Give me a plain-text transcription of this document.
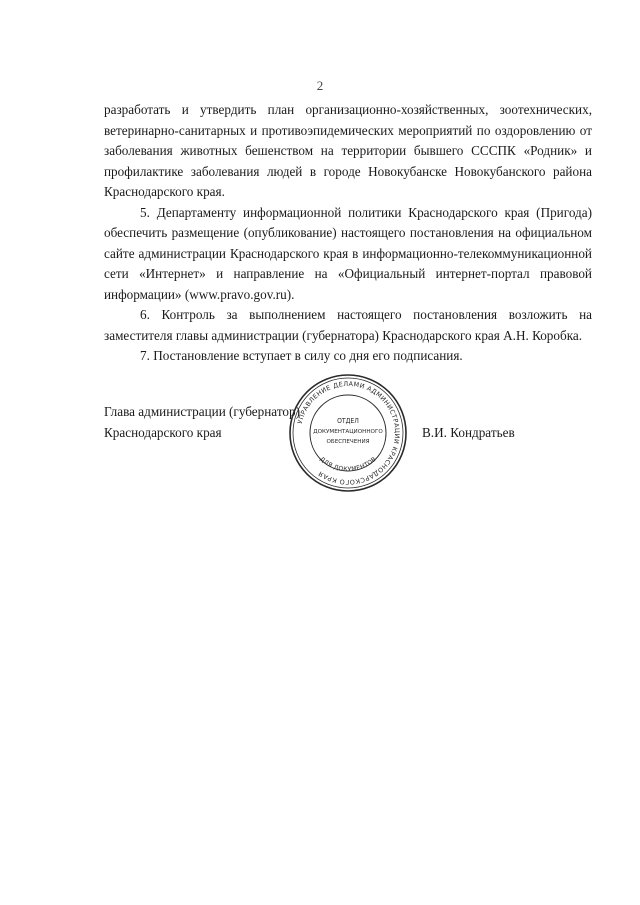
2

разработать и утвердить план организационно-хозяйственных, зоотехнических, ветеринарно-санитарных и противоэпидемических мероприятий по оздоровлению от заболевания животных бешенством на территории бывшего СССПК «Родник» и профилактике заболевания людей в городе Новокубанске Новокубанского района Краснодарского края.

5. Департаменту информационной политики Краснодарского края (Пригода) обеспечить размещение (опубликование) настоящего постановления на официальном сайте администрации Краснодарского края в информационно-телекоммуникационной сети «Интернет» и направление на «Официальный интернет-портал правовой информации» (www.pravo.gov.ru).

6. Контроль за выполнением настоящего постановления возложить на заместителя главы администрации (губернатора) Краснодарского края А.Н. Коробка.

7. Постановление вступает в силу со дня его подписания.

Глава администрации (губернатор)
Краснодарского края	В.И. Кондратьев
УПРАВЛЕНИЕ ДЕЛАМИ АДМИНИСТРАЦИИ КРАСНОДАРСКОГО КРАЯ
ДЛЯ ДОКУМЕНТОВ
ОТДЕЛ
ДОКУМЕНТАЦИОННОГО
ОБЕСПЕЧЕНИЯ
